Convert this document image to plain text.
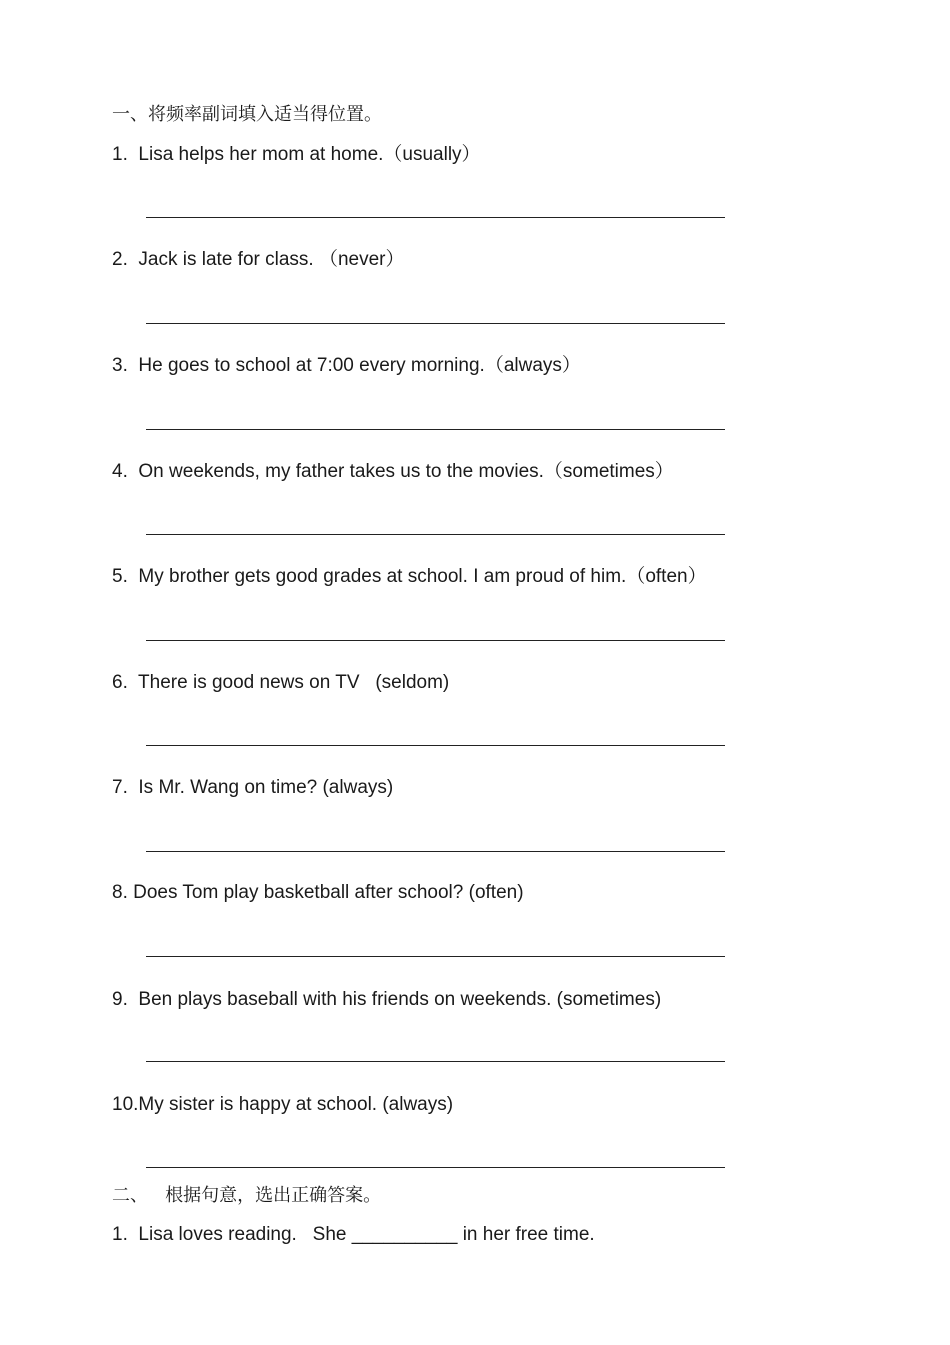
一、将频率副词填入适当得位置。
1.  Lisa helps her mom at home.（usually）
2.  Jack is late for class. （never）
3.  He goes to school at 7:00 every morning.（always）
4.  On weekends, my father takes us to the movies.（sometimes）
5.  My brother gets good grades at school. I am proud of him.（often）
6.  There is good news on TV   (seldom)
7.  Is Mr. Wang on time? (always)
8. Does Tom play basketball after school? (often)
9.  Ben plays baseball with his friends on weekends. (sometimes)
10.My sister is happy at school. (always)
二、   根据句意，选出正确答案。
1.  Lisa loves reading.   She __________ in her free time.
